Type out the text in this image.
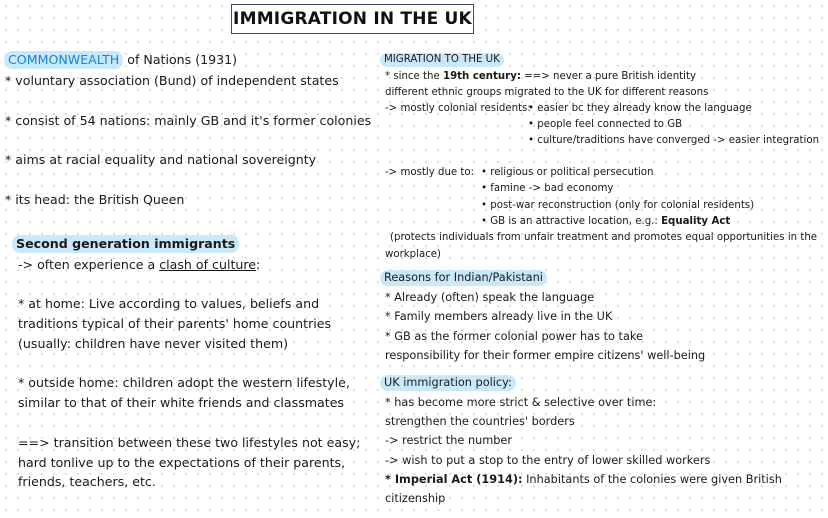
IMMIGRATION IN THE UK
COMMONWEALTH of Nations (1931)
* voluntary association (Bund) of independent states
* consist of 54 nations: mainly GB and it's former colonies
* aims at racial equality and national sovereignty
* its head: the British Queen
Second generation immigrants
-> often experience a clash of culture:
* at home: Live according to values, beliefs and
traditions typical of their parents' home countries
(usually: children have never visited them)
* outside home: children adopt the western lifestyle,
similar to that of their white friends and classmates
==> transition between these two lifestyles not easy;
hard tonlive up to the expectations of their parents,
friends, teachers, etc.
MIGRATION TO THE UK
* since the 19th century: ==> never a pure British identity
different ethnic groups migrated to the UK for different reasons
-> mostly colonial residents:
• easier bc they already know the language
• people feel connected to GB
• culture/traditions have converged -> easier integration
-> mostly due to: • religious or political persecution
• famine -> bad economy
• post-war reconstruction (only for colonial residents)
• GB is an attractive location, e.g.: Equality Act
(protects individuals from unfair treatment and promotes equal opportunities in the
workplace)
Reasons for Indian/Pakistani
* Already (often) speak the language
* Family members already live in the UK
* GB as the former colonial power has to take
responsibility for their former empire citizens' well-being
UK immigration policy:
* has become more strict & selective over time:
strengthen the countries' borders
-> restrict the number
-> wish to put a stop to the entry of lower skilled workers
* Imperial Act (1914): Inhabitants of the colonies were given British
citizenship
